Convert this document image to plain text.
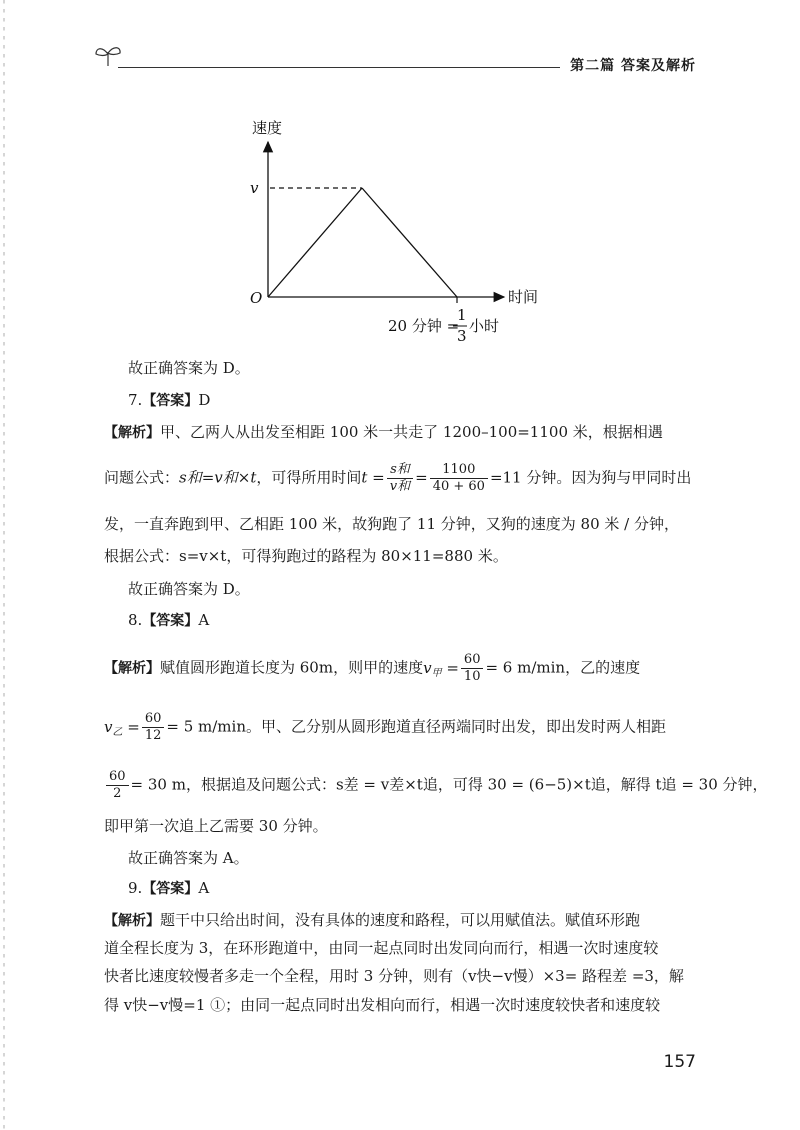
第二篇 答案及解析
速度
时间
O
v
20 分钟 =
1
3
小时
故正确答案为 D。
7.【答案】D
【解析】甲、乙两人从出发至相距 100 米一共走了 1200–100=1100 米，根据相遇
问题公式：s和=v和×t，可得所用时间$t = \frac{\text{s和}}{\text{v和}} = \frac{1100}{40 + 60} =11$ 分钟。因为狗与甲同时出
发，一直奔跑到甲、乙相距 100 米，故狗跑了 11 分钟，又狗的速度为 80 米 / 分钟，
根据公式：s=v×t，可得狗跑过的路程为 80×11=880 米。
故正确答案为 D。
8.【答案】A
【解析】赋值圆形跑道长度为 60m，则甲的速度$v_甲 = \frac{60}{10} = 6$ m/min，乙的速度
$v_乙 = \frac{60}{12} = 5$ m/min。甲、乙分别从圆形跑道直径两端同时出发，即出发时两人相距
$\frac{60}{2} = 30$ m，根据追及问题公式：s差 = v差×t追，可得 30 = (6−5)×t追，解得 t追 = 30 分钟，
即甲第一次追上乙需要 30 分钟。
故正确答案为 A。
9.【答案】A
【解析】题干中只给出时间，没有具体的速度和路程，可以用赋值法。赋值环形跑
道全程长度为 3，在环形跑道中，由同一起点同时出发同向而行，相遇一次时速度较
快者比速度较慢者多走一个全程，用时 3 分钟，则有（v快−v慢）×3= 路程差 =3，解
得 v快−v慢=1 ①；由同一起点同时出发相向而行，相遇一次时速度较快者和速度较
157
